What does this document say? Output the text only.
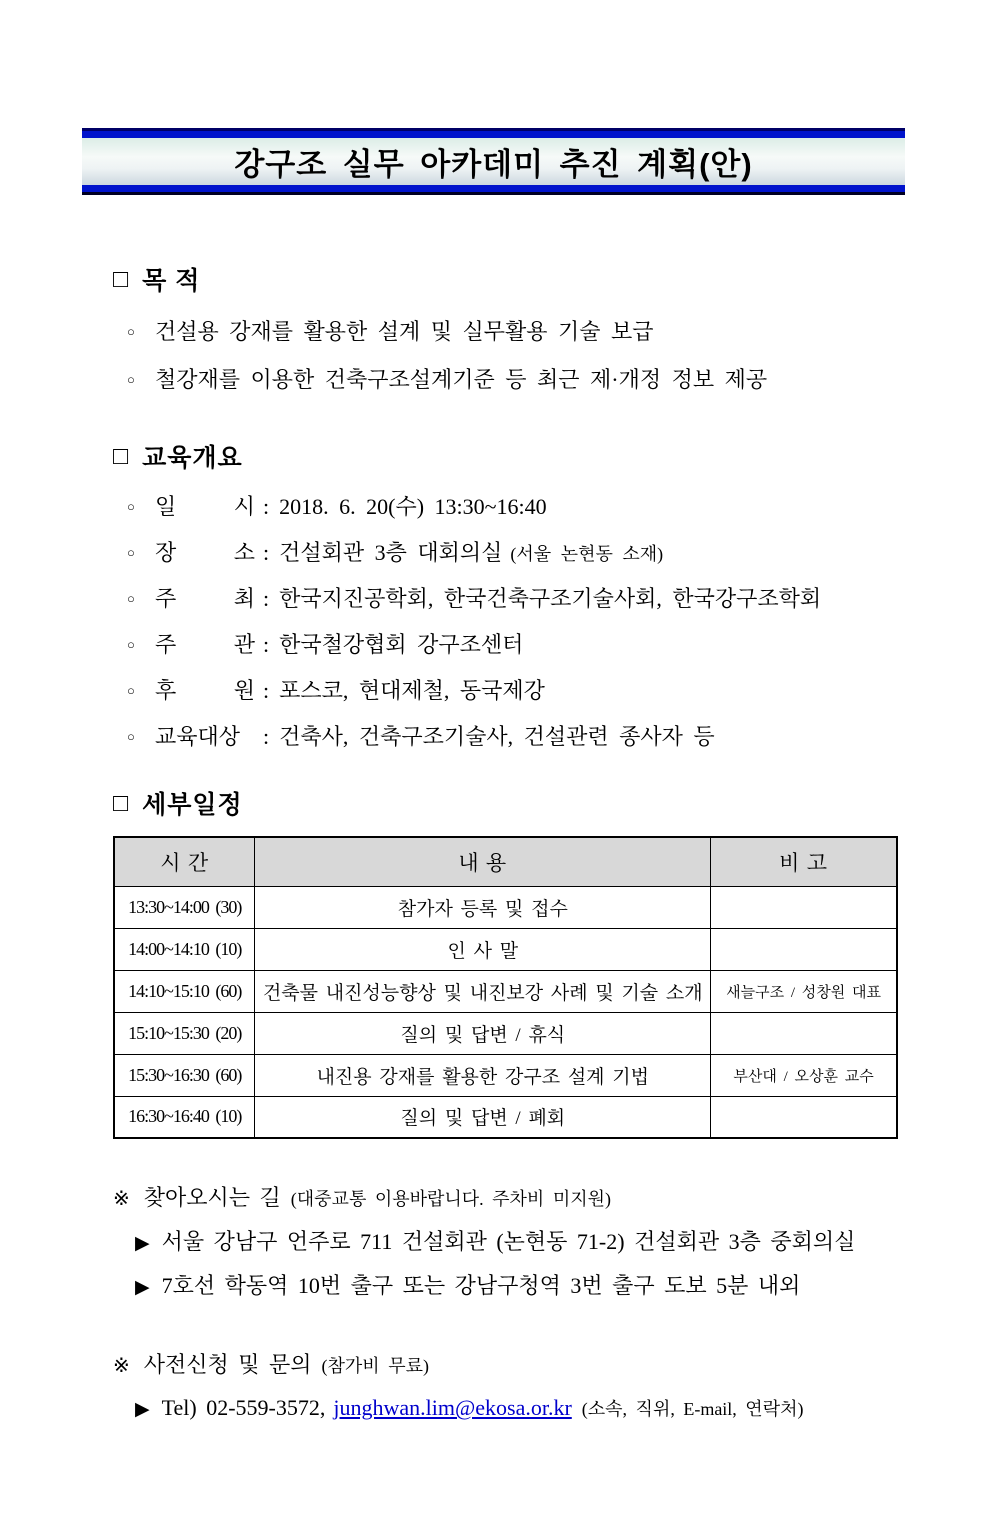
강구조 실무 아카데미 추진 계획(안)
□ 목 적
○ 건설용 강재를 활용한 설계 및 실무활용 기술 보급
○ 철강재를 이용한 건축구조설계기준 등 최근 제·개정 정보 제공
□ 교육개요
○ 일 시 : 2018. 6. 20(수) 13:30~16:40
○ 장 소 : 건설회관 3층 대회의실 (서울 논현동 소재)
○ 주 최 : 한국지진공학회, 한국건축구조기술사회, 한국강구조학회
○ 주 관 : 한국철강협회 강구조센터
○ 후 원 : 포스코, 현대제철, 동국제강
○ 교육대상	: 건축사, 건축구조기술사, 건설관련 종사자 등
□ 세부일정
시 간	내 용	비 고
13:30~14:00 (30)	참가자 등록 및 접수	
14:00~14:10 (10)	인 사 말	
14:10~15:10 (60)	건축물 내진성능향상 및 내진보강 사례 및 기술 소개	새늘구조 / 성창원 대표
15:10~15:30 (20)	질의 및 답변 / 휴식	
15:30~16:30 (60)	내진용 강재를 활용한 강구조 설계 기법	부산대 / 오상훈 교수
16:30~16:40 (10)	질의 및 답변 / 폐회	
※ 찾아오시는 길 (대중교통 이용바랍니다. 주차비 미지원)
▶ 서울 강남구 언주로 711 건설회관 (논현동 71-2) 건설회관 3층 중회의실
▶ 7호선 학동역 10번 출구 또는 강남구청역 3번 출구 도보 5분 내외
※ 사전신청 및 문의 (참가비 무료)
▶ Tel) 02-559-3572, junghwan.lim@ekosa.or.kr (소속, 직위, E-mail, 연락처)
